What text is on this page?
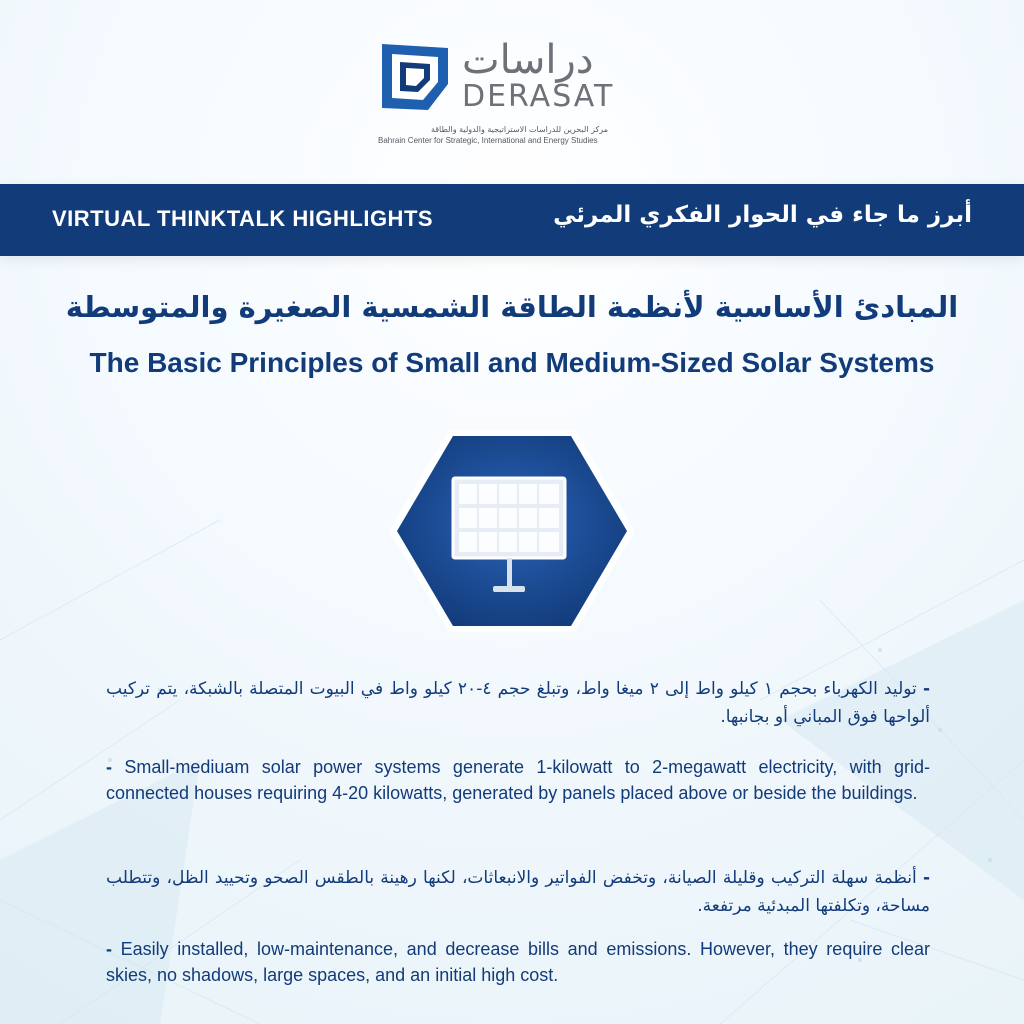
دراسات
DERASAT
مركز البحرين للدراسات الاستراتيجية والدولية والطاقة
Bahrain Center for Strategic, International and Energy Studies
VIRTUAL THINKTALK HIGHLIGHTS	أبرز ما جاء في الحوار الفكري المرئي
المبادئ الأساسية لأنظمة الطاقة الشمسية الصغيرة والمتوسطة
The Basic Principles of Small and Medium-Sized Solar Systems
- توليد الكهرباء بحجم ١ كيلو واط إلى ٢ ميغا واط، وتبلغ حجم ٤-٢٠ كيلو واط في البيوت المتصلة بالشبكة، يتم تركيب ألواحها فوق المباني أو بجانبها.
- Small-mediuam solar power systems generate 1-kilowatt to 2-megawatt electricity, with grid-connected houses requiring 4-20 kilowatts, generated by panels placed above or beside the buildings.
- أنظمة سهلة التركيب وقليلة الصيانة، وتخفض الفواتير والانبعاثات، لكنها رهينة بالطقس الصحو وتحييد الظل، وتتطلب مساحة، وتكلفتها المبدئية مرتفعة.
- Easily installed, low-maintenance, and decrease bills and emissions. However, they require clear skies, no shadows, large spaces, and an initial high cost.
